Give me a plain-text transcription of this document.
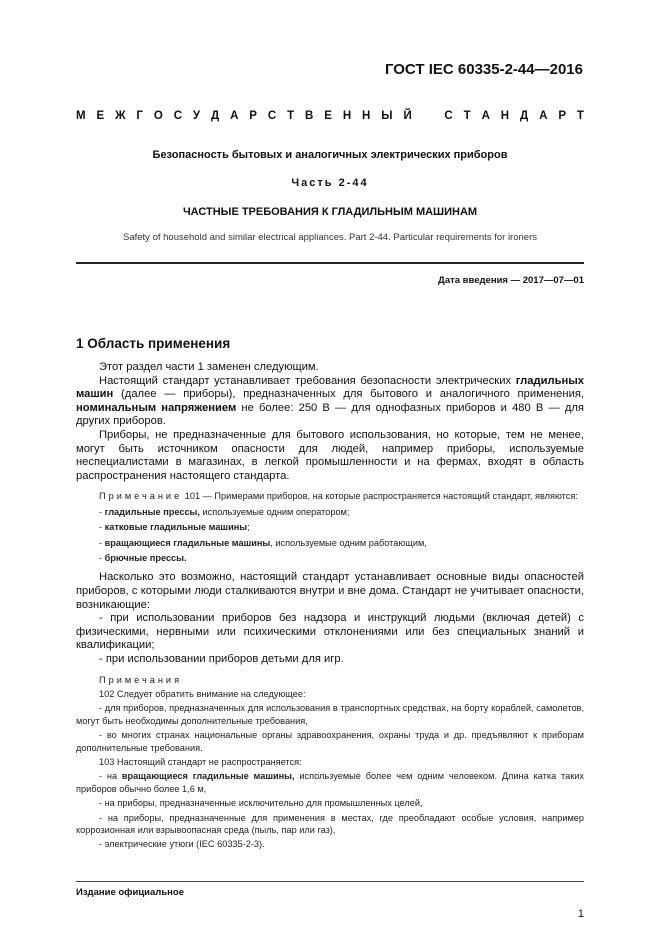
ГОСТ IEC 60335-2-44—2016
М Е Ж Г О С У Д А Р С Т В Е Н Н Ы Й	С Т А Н Д А Р Т
Безопасность бытовых и аналогичных электрических приборов
Часть 2-44
ЧАСТНЫЕ ТРЕБОВАНИЯ К ГЛАДИЛЬНЫМ МАШИНАМ
Safety of household and similar electrical appliances. Part 2-44. Particular requirements for ironers
Дата введения — 2017—07—01
1 Область применения

Этот раздел части 1 заменен следующим.

Настоящий стандарт устанавливает требования безопасности электрических гладильных машин (далее — приборы), предназначенных для бытового и аналогичного применения, номинальным напряжением не более: 250 В — для однофазных приборов и 480 В — для других приборов.

Приборы, не предназначенные для бытового использования, но которые, тем не менее, могут быть источником опасности для людей, например приборы, используемые неспециалистами в магазинах, в легкой промышленности и на фермах, входят в область распространения настоящего стандарта.

Примечание 101 — Примерами приборов, на которые распространяется настоящий стандарт, являются:

- гладильные прессы, используемые одним оператором;

- катковые гладильные машины;

- вращающиеся гладильные машины, используемые одним работающим,

- брючные прессы.

Насколько это возможно, настоящий стандарт устанавливает основные виды опасностей приборов, с которыми люди сталкиваются внутри и вне дома. Стандарт не учитывает опасности, возникающие:

- при использовании приборов без надзора и инструкций людьми (включая детей) с физическими, нервными или психическими отклонениями или без специальных знаний и квалификации;

- при использовании приборов детьми для игр.

Примечания

102 Следует обратить внимание на следующее:

- для приборов, предназначенных для использования в транспортных средствах, на борту кораблей, самолетов, могут быть необходимы дополнительные требования,

- во многих странах национальные органы здравоохранения, охраны труда и др. предъявляют к приборам дополнительные требования.

103 Настоящий стандарт не распространяется:

- на вращающиеся гладильные машины, используемые более чем одним человеком. Длина катка таких приборов обычно более 1,6 м,

- на приборы, предназначенные исключительно для промышленных целей,

- на приборы, предназначенные для применения в местах, где преобладают особые условия, например коррозионная или взрывоопасная среда (пыль, пар или газ),

- электрические утюги (IEC 60335-2-3).

Издание официальное
1
